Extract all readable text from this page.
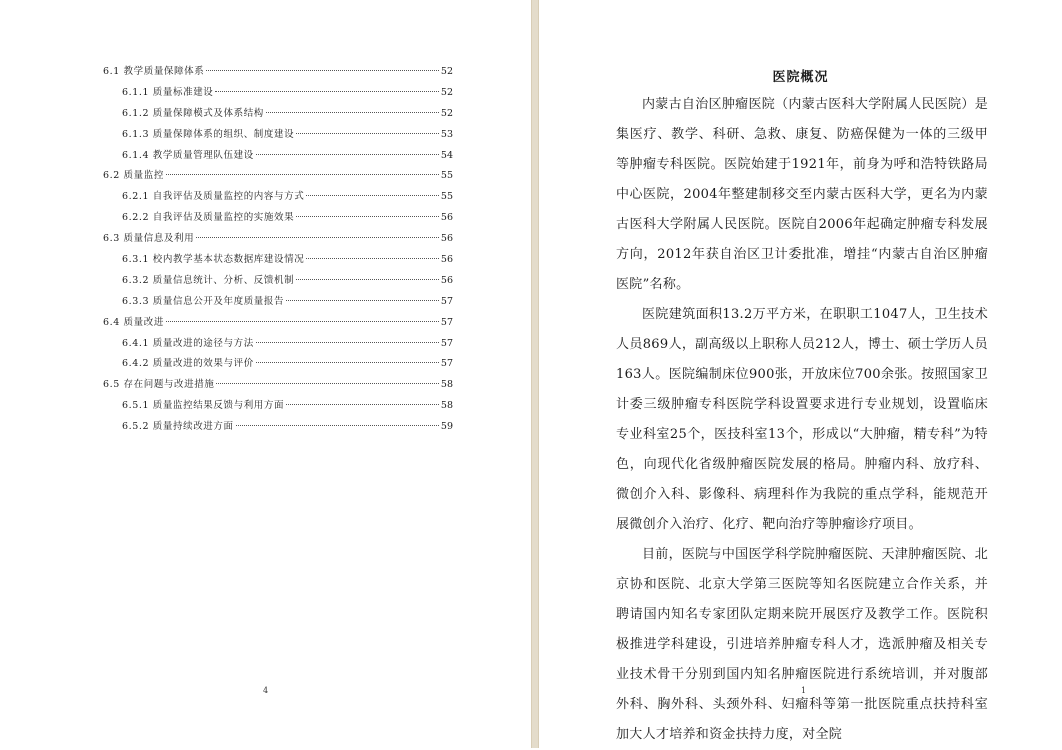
6.1 教学质量保障体系	52
6.1.1 质量标准建设	52
6.1.2 质量保障模式及体系结构	52
6.1.3 质量保障体系的组织、制度建设	53
6.1.4 教学质量管理队伍建设	54
6.2 质量监控	55
6.2.1 自我评估及质量监控的内容与方式	55
6.2.2 自我评估及质量监控的实施效果	56
6.3 质量信息及利用	56
6.3.1 校内教学基本状态数据库建设情况	56
6.3.2 质量信息统计、分析、反馈机制	56
6.3.3 质量信息公开及年度质量报告	57
6.4 质量改进	57
6.4.1 质量改进的途径与方法	57
6.4.2 质量改进的效果与评价	57
6.5 存在问题与改进措施	58
6.5.1 质量监控结果反馈与利用方面	58
6.5.2 质量持续改进方面	59
4
医院概况

内蒙古自治区肿瘤医院（内蒙古医科大学附属人民医院）是集医疗、教学、科研、急救、康复、防癌保健为一体的三级甲等肿瘤专科医院。医院始建于1921年，前身为呼和浩特铁路局中心医院，2004年整建制移交至内蒙古医科大学，更名为内蒙古医科大学附属人民医院。医院自2006年起确定肿瘤专科发展方向，2012年获自治区卫计委批准，增挂“内蒙古自治区肿瘤医院”名称。

医院建筑面积13.2万平方米，在职职工1047人，卫生技术人员869人，副高级以上职称人员212人，博士、硕士学历人员163人。医院编制床位900张，开放床位700余张。按照国家卫计委三级肿瘤专科医院学科设置要求进行专业规划，设置临床专业科室25个，医技科室13个，形成以“大肿瘤，精专科”为特色，向现代化省级肿瘤医院发展的格局。肿瘤内科、放疗科、微创介入科、影像科、病理科作为我院的重点学科，能规范开展微创介入治疗、化疗、靶向治疗等肿瘤诊疗项目。

目前，医院与中国医学科学院肿瘤医院、天津肿瘤医院、北京协和医院、北京大学第三医院等知名医院建立合作关系，并聘请国内知名专家团队定期来院开展医疗及教学工作。医院积极推进学科建设，引进培养肿瘤专科人才，选派肿瘤及相关专业技术骨干分别到国内知名肿瘤医院进行系统培训，并对腹部外科、胸外科、头颈外科、妇瘤科等第一批医院重点扶持科室加大人才培养和资金扶持力度，对全院

1
